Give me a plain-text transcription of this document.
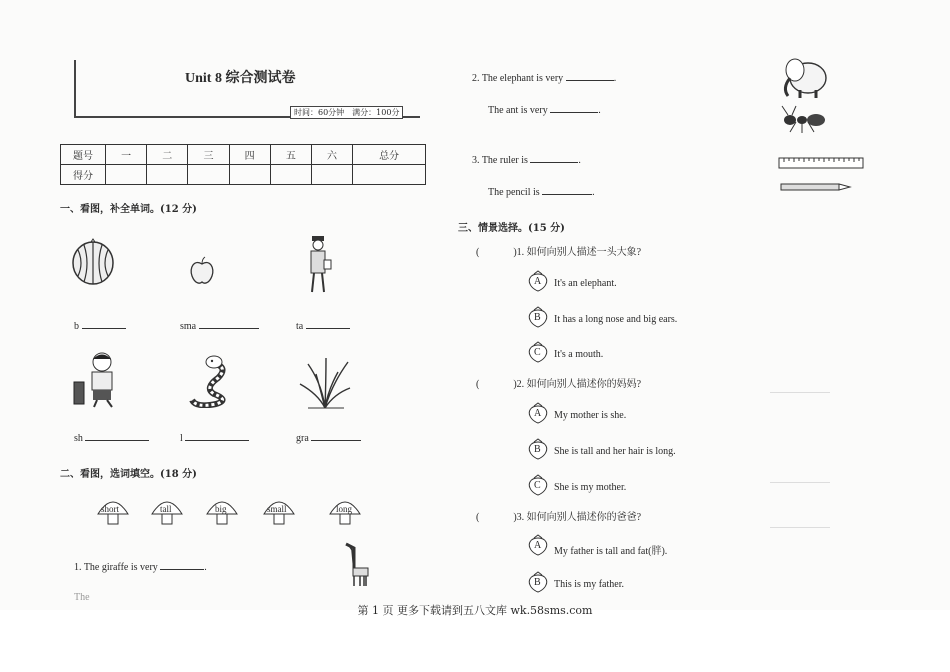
Unit 8 综合测试卷
时间：60分钟　满分：100分
题号	一	二	三	四	五	六	总分
得分							
一、看图，补全单词。(12 分)
b	sma	ta
sh	l	gra
二、看图，选词填空。(18 分)
short	tall	big	small	long
1. The giraffe is very	.
The
2. The elephant is very	.
The ant is very	.
3. The ruler is	.
The pencil is	.
三、情景选择。(15 分)
(	)1. 如何向别人描述一头大象?
A It's an elephant.
B It has a long nose and big ears.
C It's a mouth.
(	)2. 如何向别人描述你的妈妈?
A My mother is she.
B She is tall and her hair is long.
C She is my mother.
(	)3. 如何向别人描述你的爸爸?
A
My father is tall and fat(胖).
B This is my father.
第 1 页 更多下载请到五八文库 wk.58sms.com
